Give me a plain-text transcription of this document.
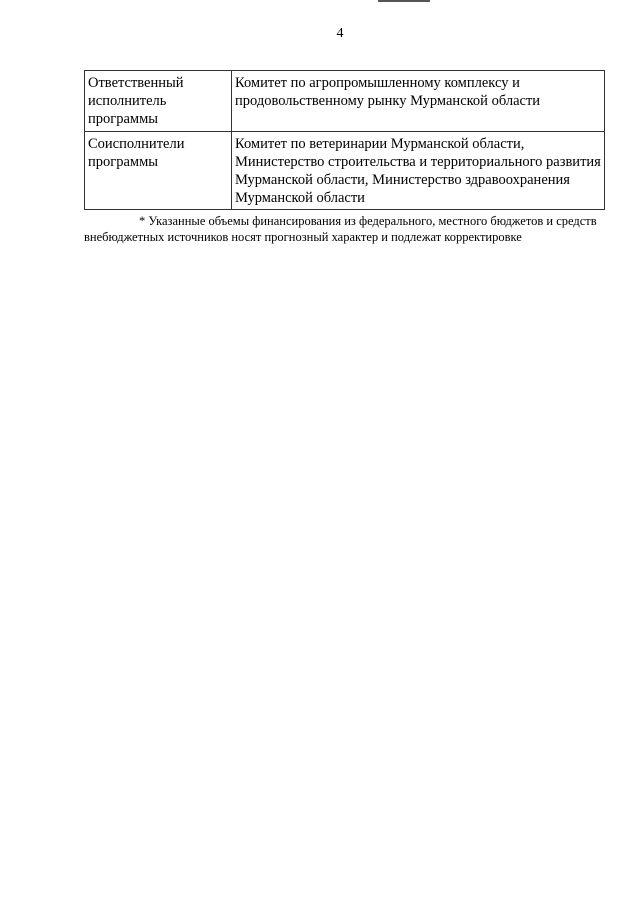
4
Ответственный исполнитель программы	Комитет по агропромышленному комплексу и продовольственному рынку Мурманской области
Соисполнители программы	Комитет по ветеринарии Мурманской области, Министерство строительства и территориального развития Мурманской области, Министерство здравоохранения Мурманской области
* Указанные объемы финансирования из федерального, местного бюджетов и средств внебюджетных источников носят прогнозный характер и подлежат корректировке
